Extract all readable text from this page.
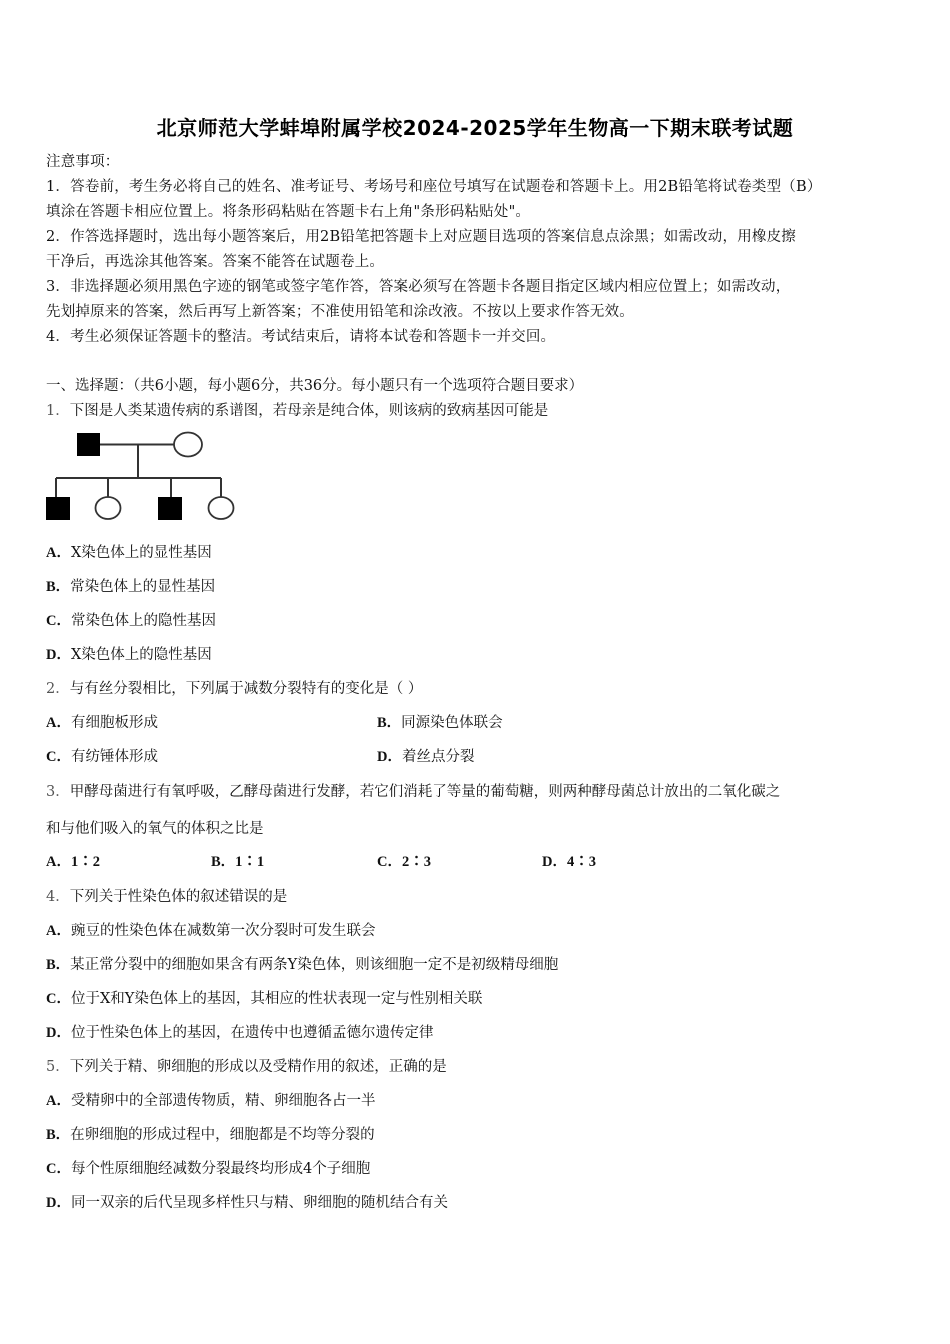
北京师范大学蚌埠附属学校2024-2025学年生物高一下期末联考试题
注意事项：
1．答卷前，考生务必将自己的姓名、准考证号、考场号和座位号填写在试题卷和答题卡上。用2B铅笔将试卷类型（B）
填涂在答题卡相应位置上。将条形码粘贴在答题卡右上角"条形码粘贴处"。
2．作答选择题时，选出每小题答案后，用2B铅笔把答题卡上对应题目选项的答案信息点涂黑；如需改动，用橡皮擦
干净后，再选涂其他答案。答案不能答在试题卷上。
3．非选择题必须用黑色字迹的钢笔或签字笔作答，答案必须写在答题卡各题目指定区域内相应位置上；如需改动，
先划掉原来的答案，然后再写上新答案；不准使用铅笔和涂改液。不按以上要求作答无效。
4．考生必须保证答题卡的整洁。考试结束后，请将本试卷和答题卡一并交回。
一、选择题：（共6小题，每小题6分，共36分。每小题只有一个选项符合题目要求）
1．下图是人类某遗传病的系谱图，若母亲是纯合体，则该病的致病基因可能是
A．X染色体上的显性基因
B．常染色体上的显性基因
C．常染色体上的隐性基因
D．X染色体上的隐性基因
2．与有丝分裂相比，下列属于减数分裂特有的变化是（ ）
A．有细胞板形成	B．同源染色体联会
C．有纺锤体形成	D．着丝点分裂
3．甲酵母菌进行有氧呼吸，乙酵母菌进行发酵，若它们消耗了等量的葡萄糖，则两种酵母菌总计放出的二氧化碳之
和与他们吸入的氧气的体积之比是
A．1∶2	B．1∶1	C．2∶3	D．4∶3
4．下列关于性染色体的叙述错误的是
A．豌豆的性染色体在减数第一次分裂时可发生联会
B．某正常分裂中的细胞如果含有两条Y染色体，则该细胞一定不是初级精母细胞
C．位于X和Y染色体上的基因，其相应的性状表现一定与性别相关联
D．位于性染色体上的基因，在遗传中也遵循孟德尔遗传定律
5．下列关于精、卵细胞的形成以及受精作用的叙述，正确的是
A．受精卵中的全部遗传物质，精、卵细胞各占一半
B．在卵细胞的形成过程中，细胞都是不均等分裂的
C．每个性原细胞经减数分裂最终均形成4个子细胞
D．同一双亲的后代呈现多样性只与精、卵细胞的随机结合有关
